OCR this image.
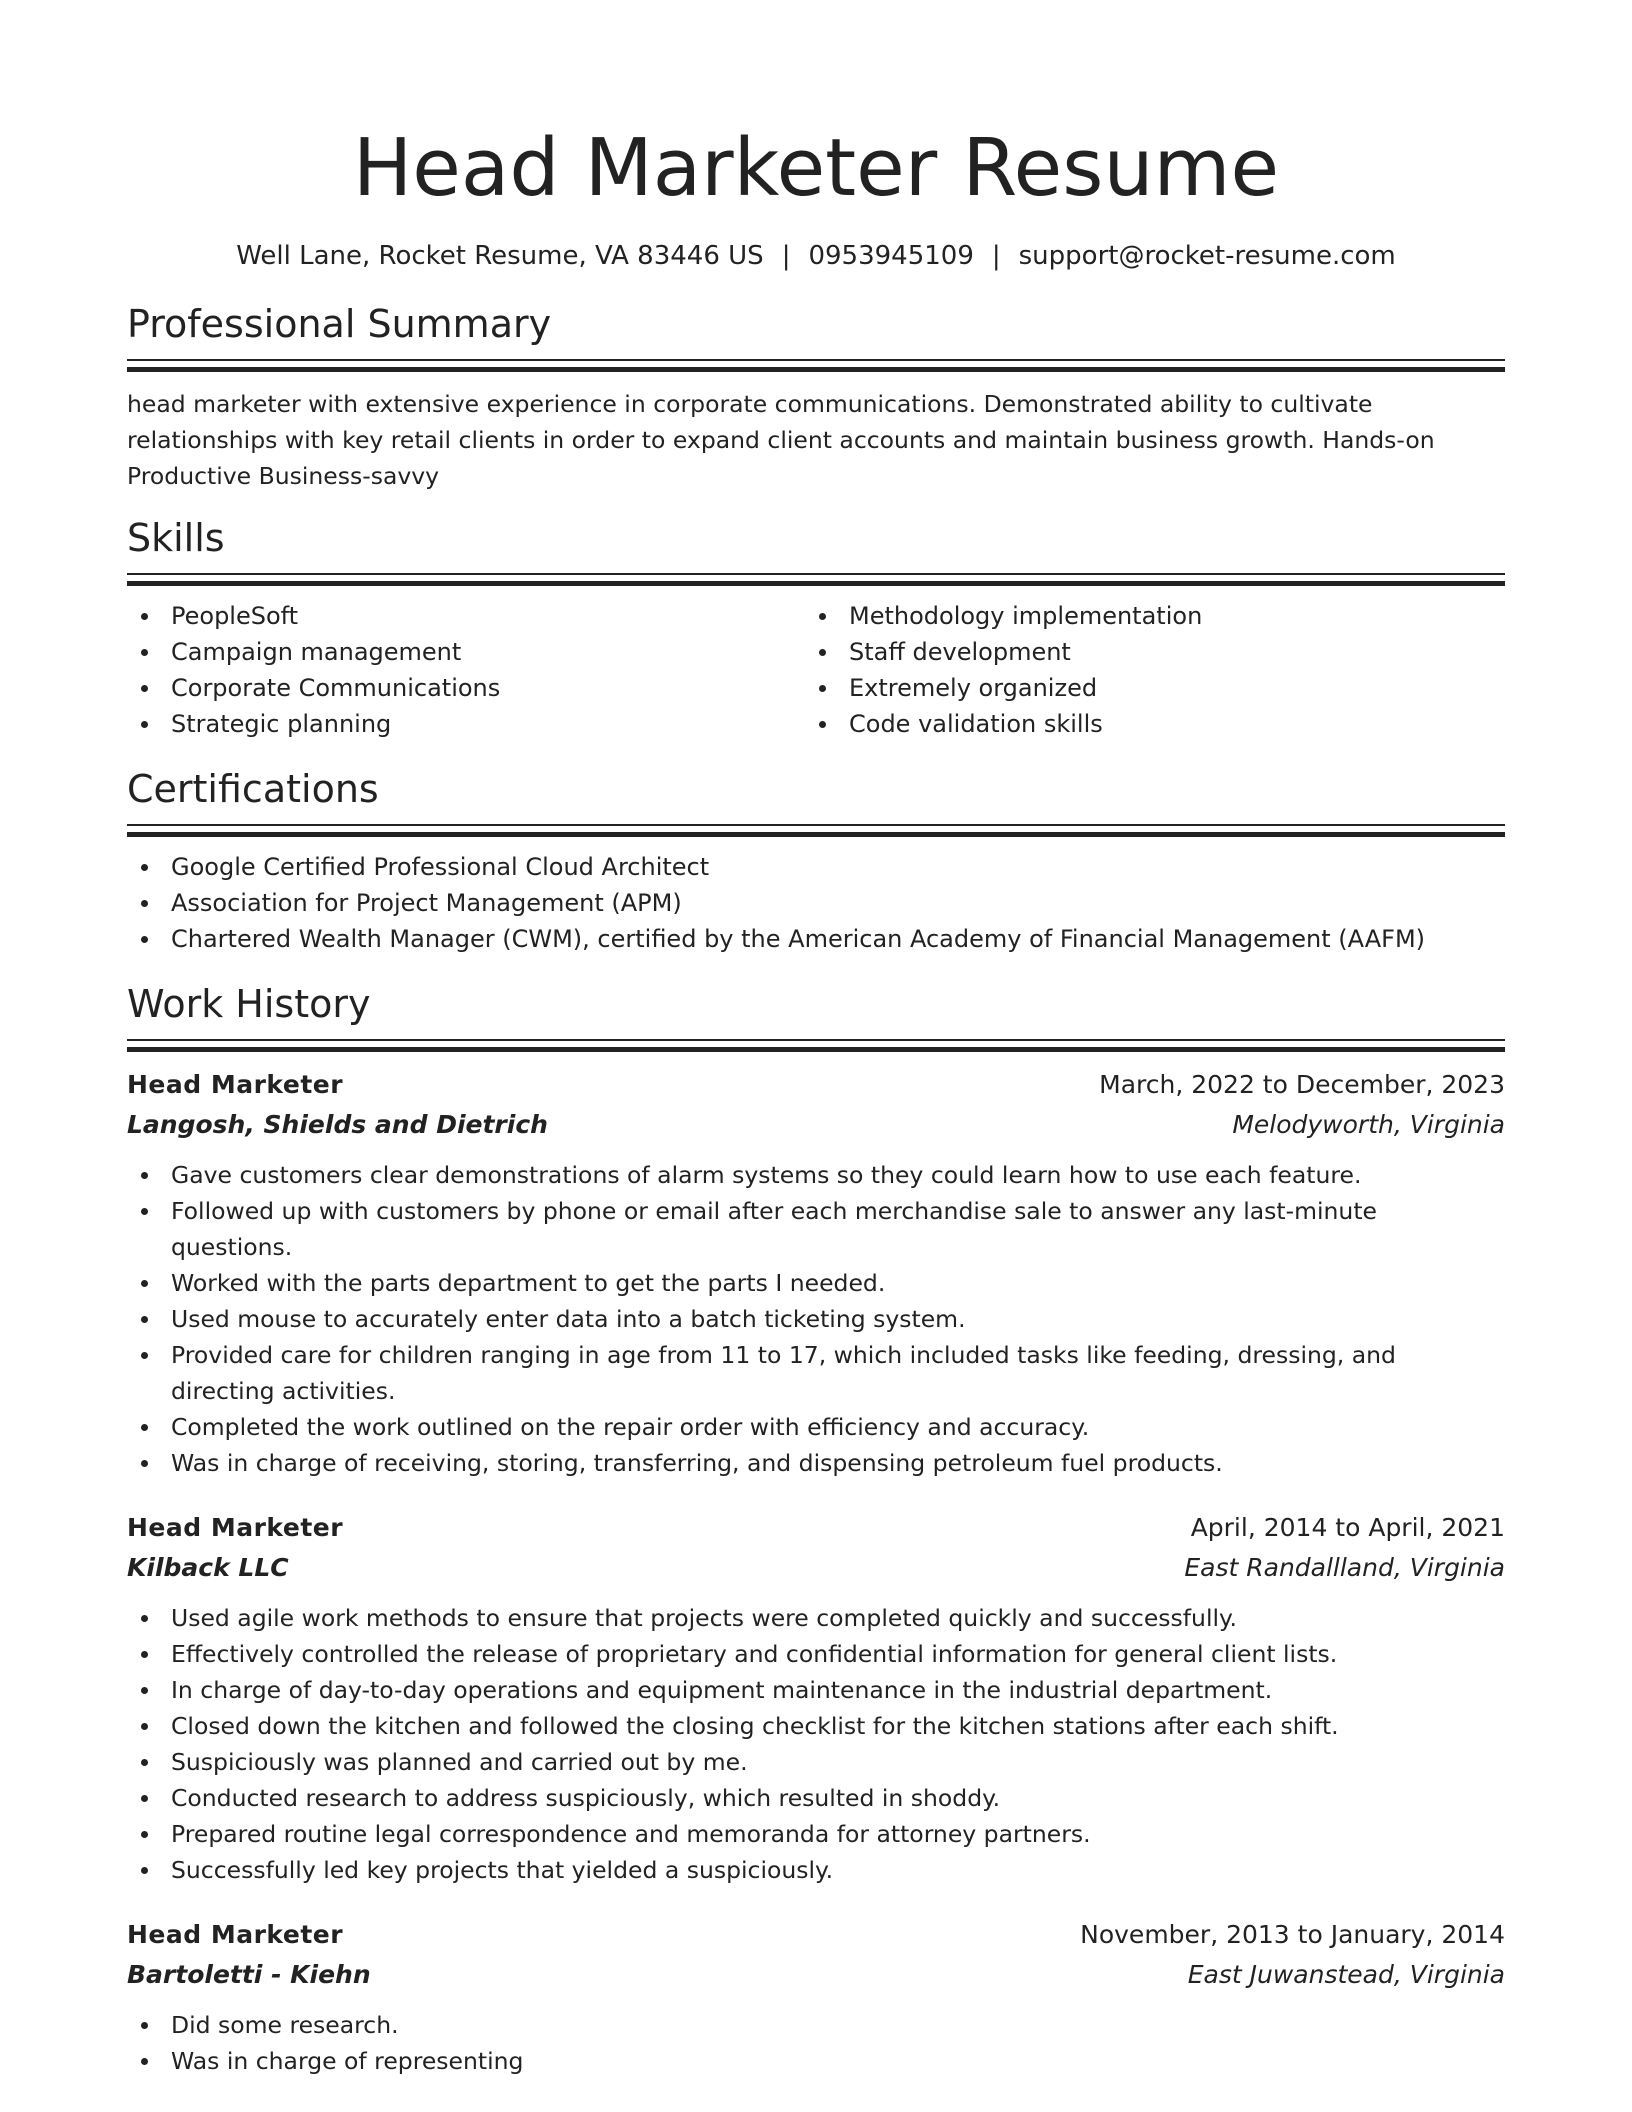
Head Marketer Resume
Well Lane, Rocket Resume, VA 83446 US | 0953945109 | support@rocket-resume.com
Professional Summary
head marketer with extensive experience in corporate communications. Demonstrated ability to cultivate relationships with key retail clients in order to expand client accounts and maintain business growth. Hands-on Productive Business-savvy
Skills
PeopleSoft
Campaign management
Corporate Communications
Strategic planning
Methodology implementation
Staff development
Extremely organized
Code validation skills
Certifications
Google Certified Professional Cloud Architect
Association for Project Management (APM)
Chartered Wealth Manager (CWM), certified by the American Academy of Financial Management (AAFM)
Work History
Head Marketer	March, 2022 to December, 2023
Langosh, Shields and Dietrich	Melodyworth, Virginia
Gave customers clear demonstrations of alarm systems so they could learn how to use each feature.
Followed up with customers by phone or email after each merchandise sale to answer any last-minute questions.
Worked with the parts department to get the parts I needed.
Used mouse to accurately enter data into a batch ticketing system.
Provided care for children ranging in age from 11 to 17, which included tasks like feeding, dressing, and directing activities.
Completed the work outlined on the repair order with efficiency and accuracy.
Was in charge of receiving, storing, transferring, and dispensing petroleum fuel products.
Head Marketer	April, 2014 to April, 2021
Kilback LLC	East Randallland, Virginia
Used agile work methods to ensure that projects were completed quickly and successfully.
Effectively controlled the release of proprietary and confidential information for general client lists.
In charge of day-to-day operations and equipment maintenance in the industrial department.
Closed down the kitchen and followed the closing checklist for the kitchen stations after each shift.
Suspiciously was planned and carried out by me.
Conducted research to address suspiciously, which resulted in shoddy.
Prepared routine legal correspondence and memoranda for attorney partners.
Successfully led key projects that yielded a suspiciously.
Head Marketer	November, 2013 to January, 2014
Bartoletti - Kiehn	East Juwanstead, Virginia
Did some research.
Was in charge of representing
